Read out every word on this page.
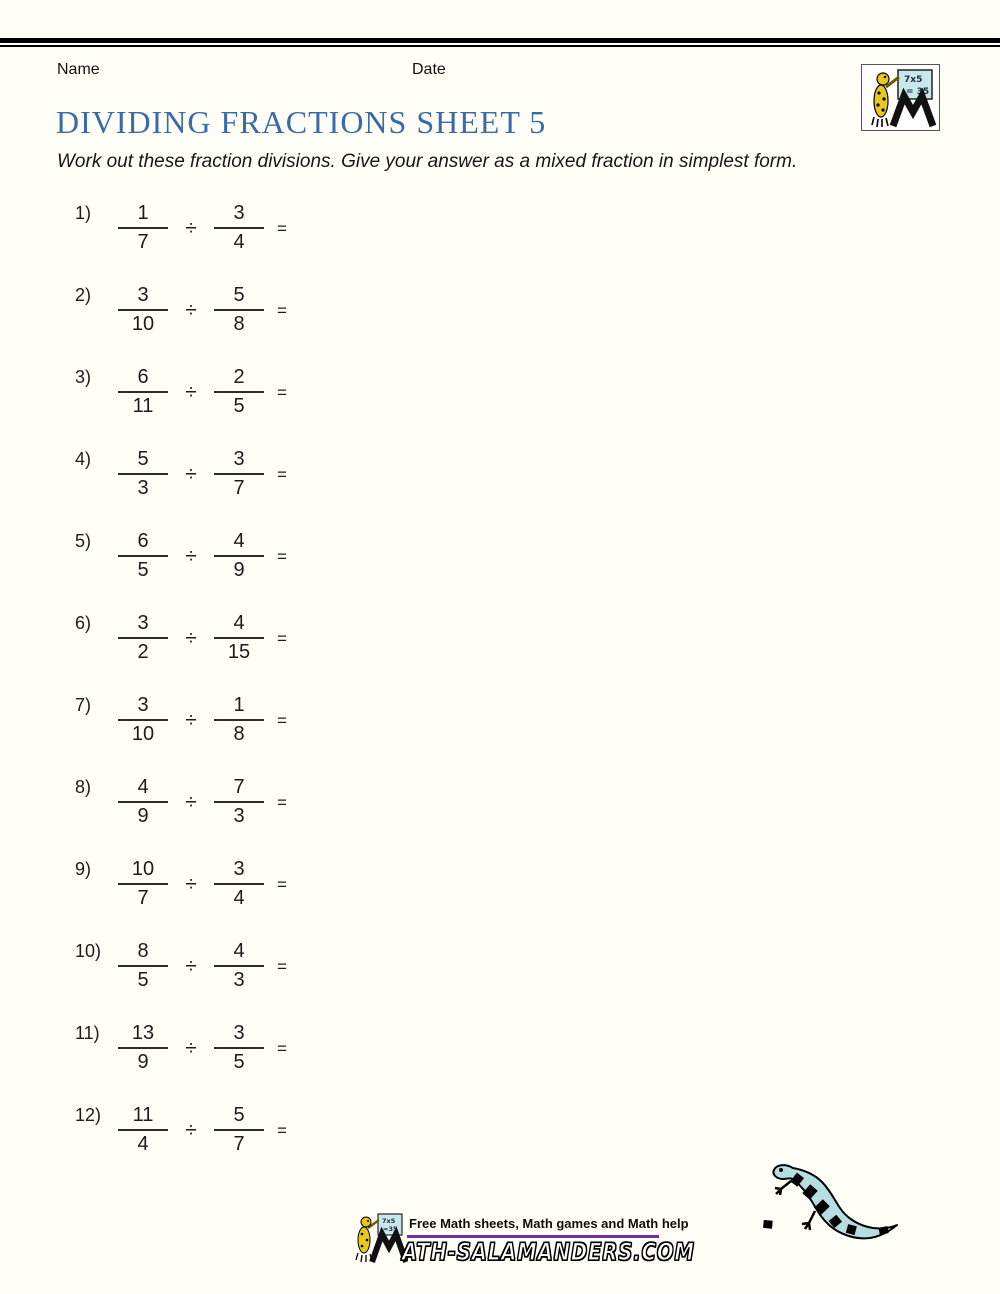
Name	Date
7x5
= 35
DIVIDING FRACTIONS SHEET 5

Work out these fraction divisions. Give your answer as a mixed fraction in simplest form.

1)	$\frac{1}{7} \div \frac{3}{4}$ =
2)	$\frac{3}{10} \div \frac{5}{8}$ =
3)	$\frac{6}{11} \div \frac{2}{5}$ =
4)	$\frac{5}{3} \div \frac{3}{7}$ =
5)	$\frac{6}{5} \div \frac{4}{9}$ =
6)	$\frac{3}{2} \div \frac{4}{15}$ =
7)	$\frac{3}{10} \div \frac{1}{8}$ =
8)	$\frac{4}{9} \div \frac{7}{3}$ =
9)	$\frac{10}{7} \div \frac{3}{4}$ =
$10) \frac{8}{5} \div \frac{4}{3}$ =
$11) \frac{13}{9} \div \frac{3}{5}$ =
$12) \frac{11}{4} \div \frac{5}{7}$ =
7x5
=35 Free Math sheets, Math games and Math help
ATH-SALAMANDERS.COM
